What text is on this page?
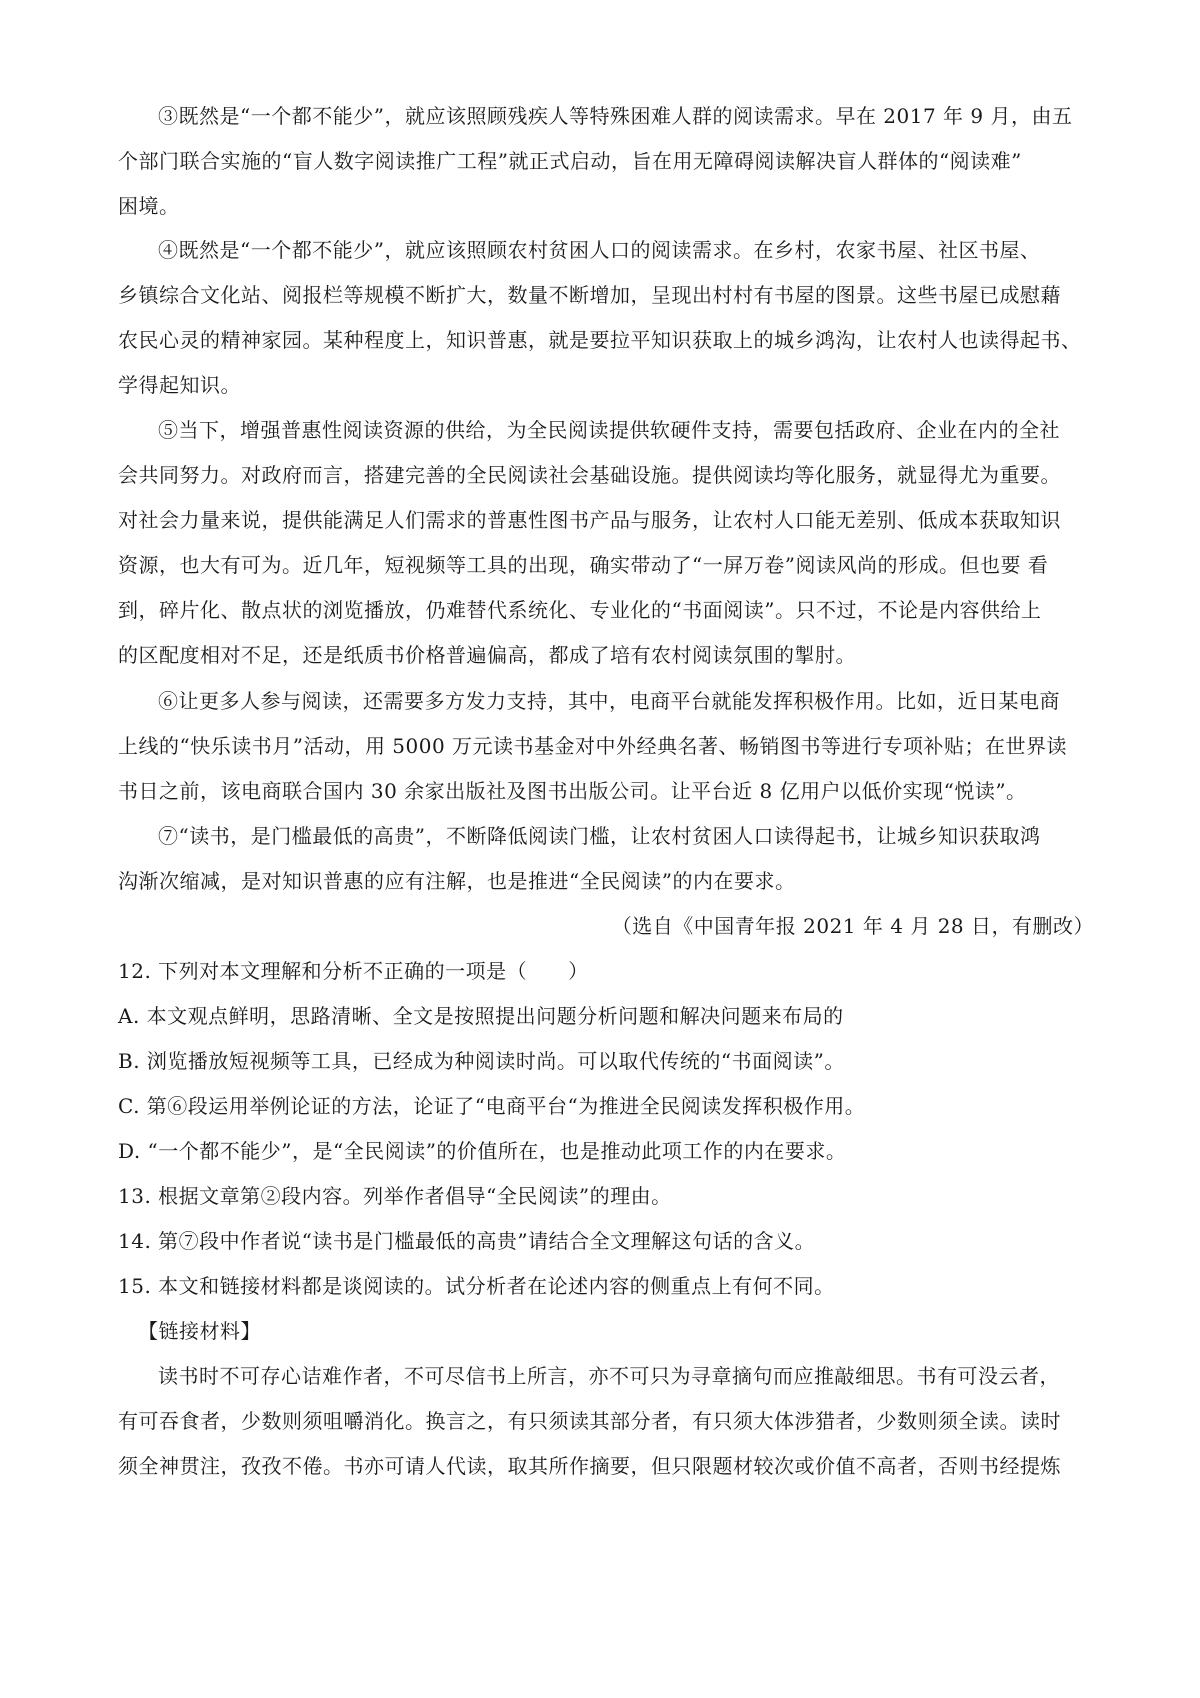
③既然是“一个都不能少”，就应该照顾残疾人等特殊困难人群的阅读需求。早在 2017 年 9 月，由五
个部门联合实施的“盲人数字阅读推广工程”就正式启动，旨在用无障碍阅读解决盲人群体的“阅读难”
困境。
④既然是“一个都不能少”，就应该照顾农村贫困人口的阅读需求。在乡村，农家书屋、社区书屋、
乡镇综合文化站、阅报栏等规模不断扩大，数量不断增加，呈现出村村有书屋的图景。这些书屋已成慰藉
农民心灵的精神家园。某种程度上，知识普惠，就是要拉平知识获取上的城乡鸿沟，让农村人也读得起书、
学得起知识。
⑤当下，增强普惠性阅读资源的供给，为全民阅读提供软硬件支持，需要包括政府、企业在内的全社
会共同努力。对政府而言，搭建完善的全民阅读社会基础设施。提供阅读均等化服务，就显得尤为重要。
对社会力量来说，提供能满足人们需求的普惠性图书产品与服务，让农村人口能无差别、低成本获取知识
资源，也大有可为。近几年，短视频等工具的出现，确实带动了“一屏万卷”阅读风尚的形成。但也要 看
到，碎片化、散点状的浏览播放，仍难替代系统化、专业化的“书面阅读”。只不过，不论是内容供给上
的区配度相对不足，还是纸质书价格普遍偏高，都成了培有农村阅读氛围的掣肘。
⑥让更多人参与阅读，还需要多方发力支持，其中，电商平台就能发挥积极作用。比如，近日某电商
上线的“快乐读书月”活动，用 5000 万元读书基金对中外经典名著、畅销图书等进行专项补贴；在世界读
书日之前，该电商联合国内 30 余家出版社及图书出版公司。让平台近 8 亿用户以低价实现“悦读”。
⑦“读书，是门槛最低的高贵”，不断降低阅读门槛，让农村贫困人口读得起书，让城乡知识获取鸿
沟渐次缩减，是对知识普惠的应有注解，也是推进“全民阅读”的内在要求。
（选自《中国青年报 2021 年 4 月 28 日，有删改）
12. 下列对本文理解和分析不正确的一项是（　　）
A. 本文观点鲜明，思路清晰、全文是按照提出问题分析问题和解决问题来布局的
B. 浏览播放短视频等工具，已经成为种阅读时尚。可以取代传统的“书面阅读”。
C. 第⑥段运用举例论证的方法，论证了“电商平台“为推进全民阅读发挥积极作用。
D. “一个都不能少”，是“全民阅读”的价值所在，也是推动此项工作的内在要求。
13. 根据文章第②段内容。列举作者倡导“全民阅读”的理由。
14. 第⑦段中作者说“读书是门槛最低的高贵”请结合全文理解这句话的含义。
15. 本文和链接材料都是谈阅读的。试分析者在论述内容的侧重点上有何不同。
【链接材料】
读书时不可存心诘难作者，不可尽信书上所言，亦不可只为寻章摘句而应推敲细思。书有可没云者，
有可吞食者，少数则须咀嚼消化。换言之，有只须读其部分者，有只须大体涉猎者，少数则须全读。读时
须全神贯注，孜孜不倦。书亦可请人代读，取其所作摘要，但只限题材较次或价值不高者，否则书经提炼
